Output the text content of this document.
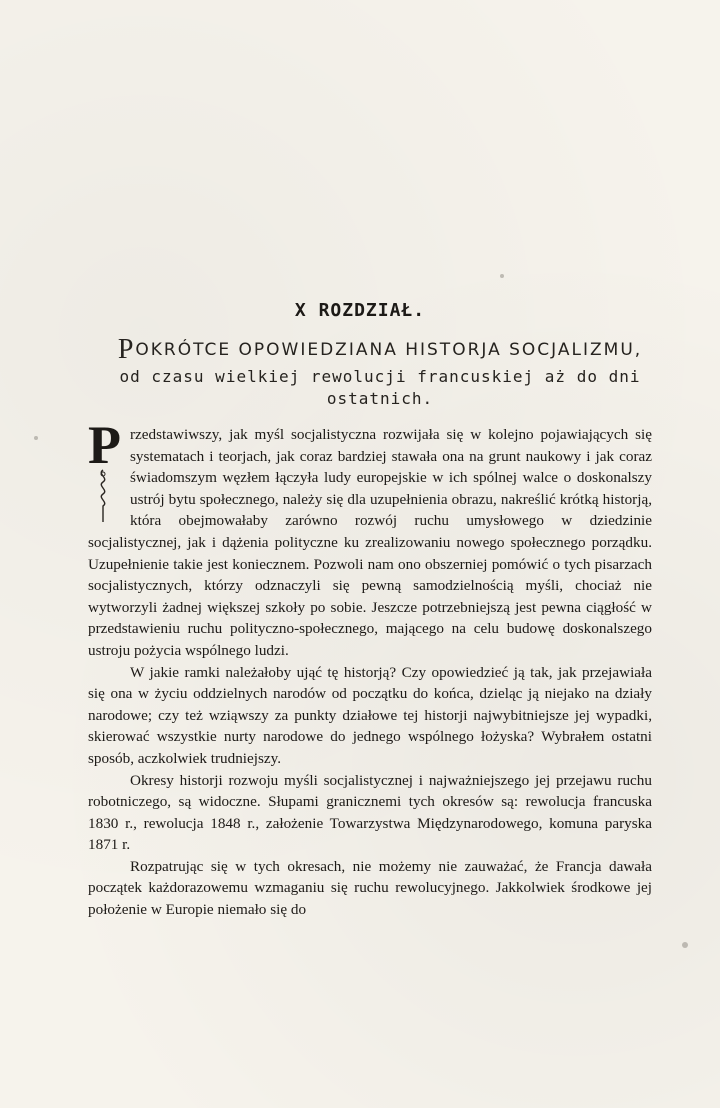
X ROZDZIAŁ.
POKRÓTCE OPOWIEDZIANA HISTORJA SOCJALIZMU,
od czasu wielkiej rewolucji francuskiej aż do dni ostatnich.

P rzedstawiwszy, jak myśl socjalistyczna rozwijała się w kolejno pojawiających się systematach i teorjach, jak coraz bardziej stawała ona na grunt naukowy i jak coraz świadomszym węzłem łączyła ludy europejskie w ich spólnej walce o doskonalszy ustrój bytu społecznego, należy się dla uzupełnienia obrazu, nakreślić krótką historją, która obejmowałaby zarówno rozwój ruchu umysłowego w dziedzinie socjalistycznej, jak i dążenia polityczne ku zrealizowaniu nowego społecznego porządku. Uzupełnienie takie jest koniecznem. Pozwoli nam ono obszerniej pomówić o tych pisarzach socjalistycznych, którzy odznaczyli się pewną samodzielnością myśli, chociaż nie wytworzyli żadnej większej szkoły po sobie. Jeszcze potrzebniejszą jest pewna ciągłość w przedstawieniu ruchu polityczno-społecznego, mającego na celu budowę doskonalszego ustroju pożycia wspólnego ludzi.

W jakie ramki należałoby ująć tę historją? Czy opowiedzieć ją tak, jak przejawiała się ona w życiu oddzielnych narodów od początku do końca, dzieląc ją niejako na działy narodowe; czy też wziąwszy za punkty działowe tej historji najwybitniejsze jej wypadki, skierować wszystkie nurty narodowe do jednego wspólnego łożyska? Wybrałem ostatni sposób, aczkolwiek trudniejszy.

Okresy historji rozwoju myśli socjalistycznej i najważniejszego jej przejawu ruchu robotniczego, są widoczne. Słupami granicznemi tych okresów są: rewolucja francuska 1830 r., rewolucja 1848 r., założenie Towarzystwa Międzynarodowego, komuna paryska 1871 r.

Rozpatrując się w tych okresach, nie możemy nie zauważać, że Francja dawała początek każdorazowemu wzmaganiu się ruchu rewolucyjnego. Jakkolwiek środkowe jej położenie w Europie niemało się do
